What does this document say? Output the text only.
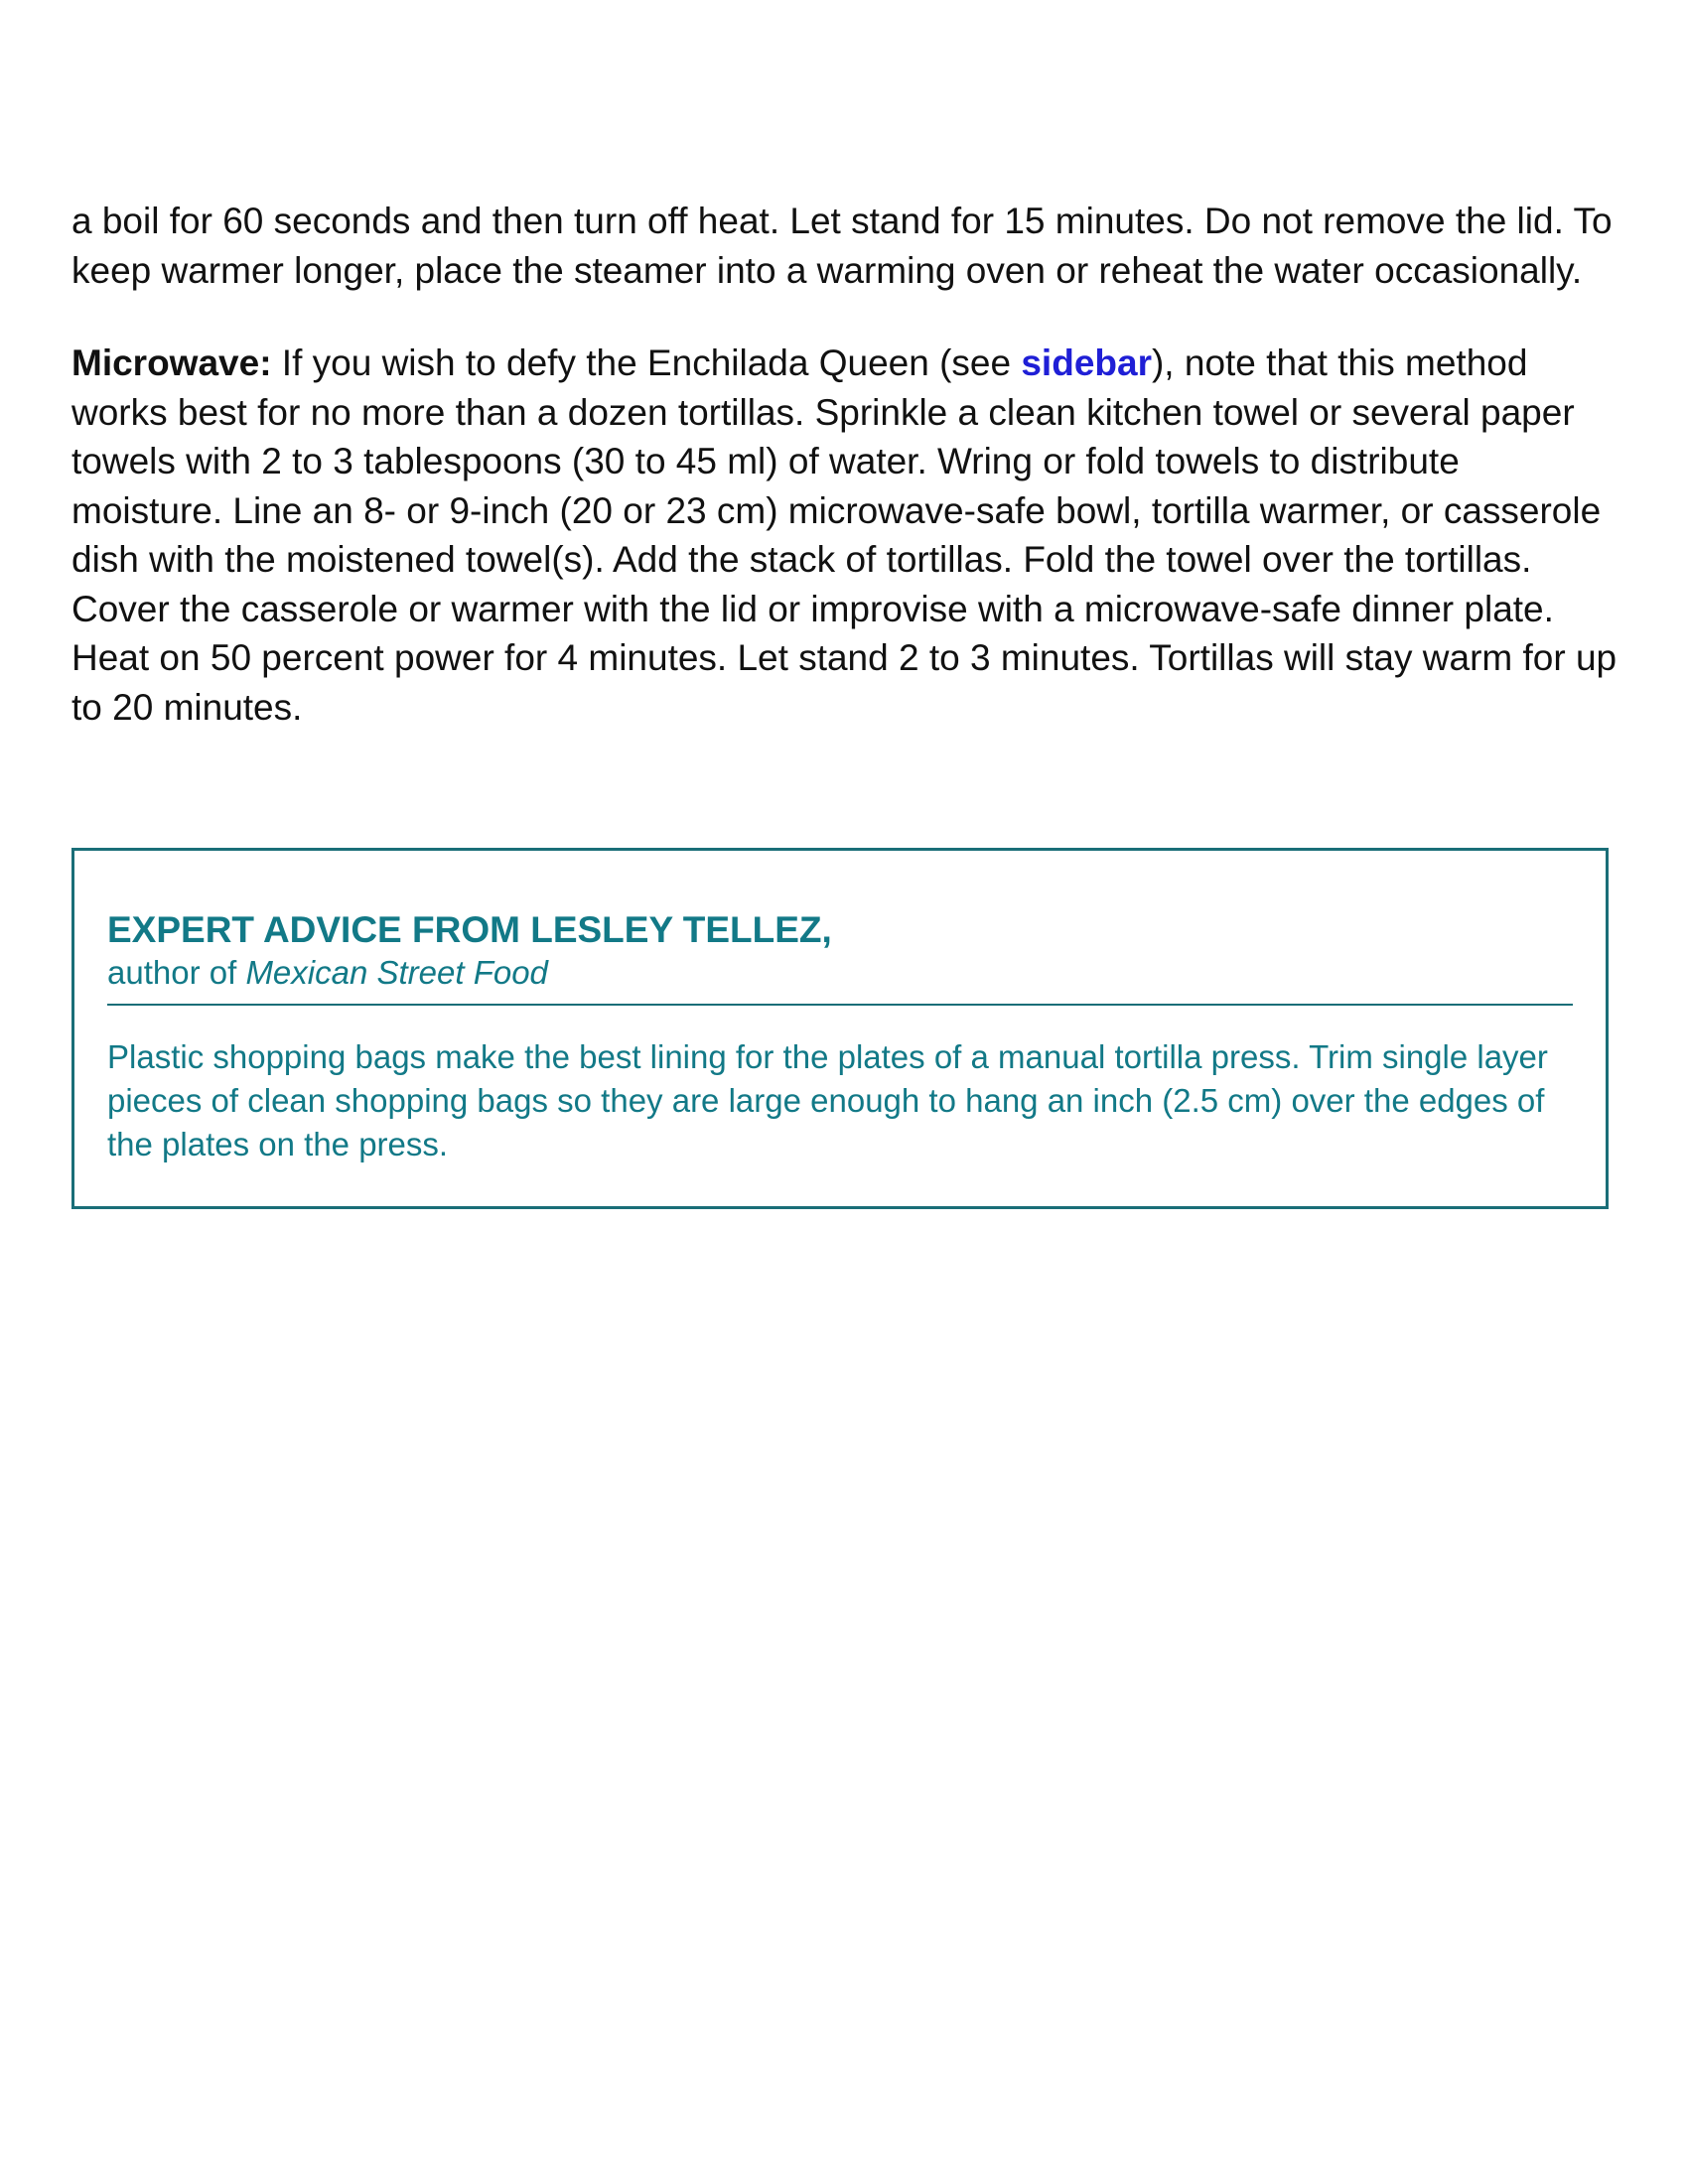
a boil for 60 seconds and then turn off heat. Let stand for 15 minutes. Do not remove the lid. To keep warmer longer, place the steamer into a warming oven or reheat the water occasionally.

Microwave: If you wish to defy the Enchilada Queen (see sidebar), note that this method works best for no more than a dozen tortillas. Sprinkle a clean kitchen towel or several paper towels with 2 to 3 tablespoons (30 to 45 ml) of water. Wring or fold towels to distribute moisture. Line an 8- or 9-inch (20 or 23 cm) microwave-safe bowl, tortilla warmer, or casserole dish with the moistened towel(s). Add the stack of tortillas. Fold the towel over the tortillas. Cover the casserole or warmer with the lid or improvise with a microwave-safe dinner plate. Heat on 50 percent power for 4 minutes. Let stand 2 to 3 minutes. Tortillas will stay warm for up to 20 minutes.

EXPERT ADVICE FROM LESLEY TELLEZ,

author of Mexican Street Food

Plastic shopping bags make the best lining for the plates of a manual tortilla press. Trim single layer pieces of clean shopping bags so they are large enough to hang an inch (2.5 cm) over the edges of the plates on the press.
